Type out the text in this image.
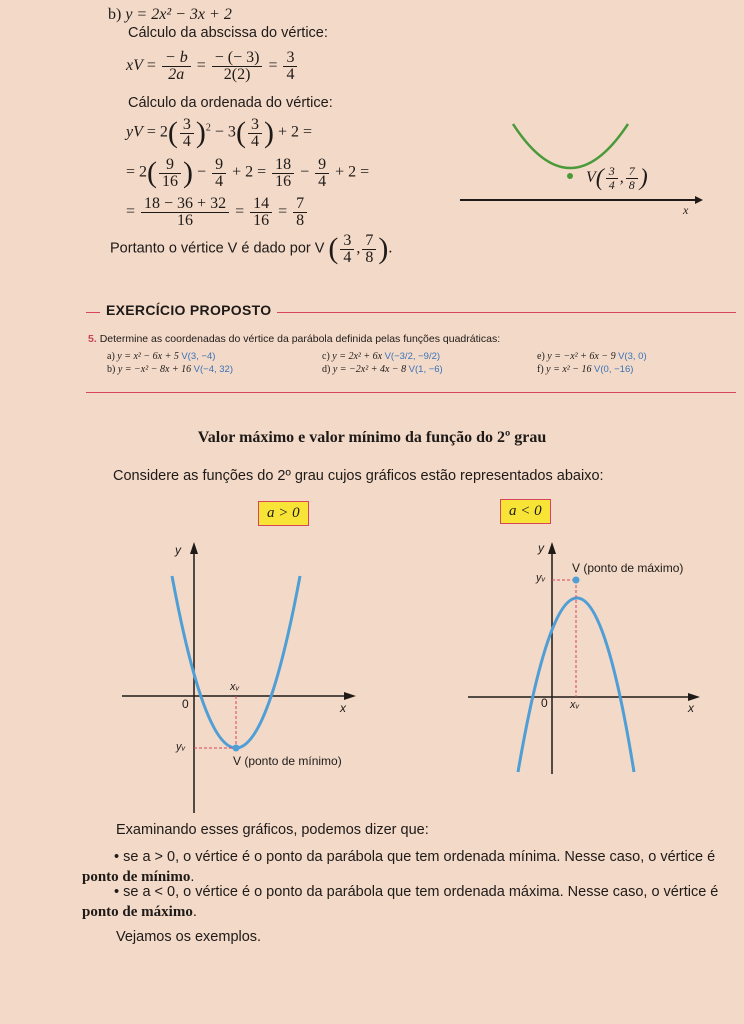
b) y = 2x² − 3x + 2
Cálculo da abscissa do vértice:
xV = $\frac{- b}{2a} = \frac{- (- 3)}{2(2)} = \frac{3}{4}$
Cálculo da ordenada do vértice:
yV = $2( \frac{3}{4} )^2 - 3( \frac{3}{4}$ ) + 2 =
= $2( \frac{9}{16}$ ) − $\frac{9}{4} + 2 = \frac{18}{16} - \frac{9}{4} + 2$ =
= $\frac{18 - 36 + 32}{16} = \frac{14}{16} = \frac{7}{8}$
Portanto o vértice V é dado por V ( $\frac{3}{4}$ , $\frac{7}{8}$ ).
$V( \frac{3}{4}$ , $\frac{7}{8}$ )
x
EXERCÍCIO PROPOSTO
5. Determine as coordenadas do vértice da parábola definida pelas funções quadráticas:
a) y = x² − 6x + 5 V(3, −4)
b) y = −x² − 8x + 16 V(−4, 32)
c) y = 2x² + 6x V(−3/2, −9/2)
d) y = −2x² + 4x − 8 V(1, −6)
e) y = −x² + 6x − 9 V(3, 0)
f) y = x² − 16 V(0, −16)
Valor máximo e valor mínimo da função do 2º grau
Considere as funções do 2º grau cujos gráficos estão representados abaixo:
a > 0	a < 0
y
x
0
xᵥ
yᵥ
V (ponto de mínimo)
y
x
0 xᵥ
yᵥ
V (ponto de máximo)
Examinando esses gráficos, podemos dizer que:
• se a > 0, o vértice é o ponto da parábola que tem ordenada mínima. Nesse caso, o vértice é ponto de mínimo.
• se a < 0, o vértice é o ponto da parábola que tem ordenada máxima. Nesse caso, o vértice é ponto de máximo.
Vejamos os exemplos.
